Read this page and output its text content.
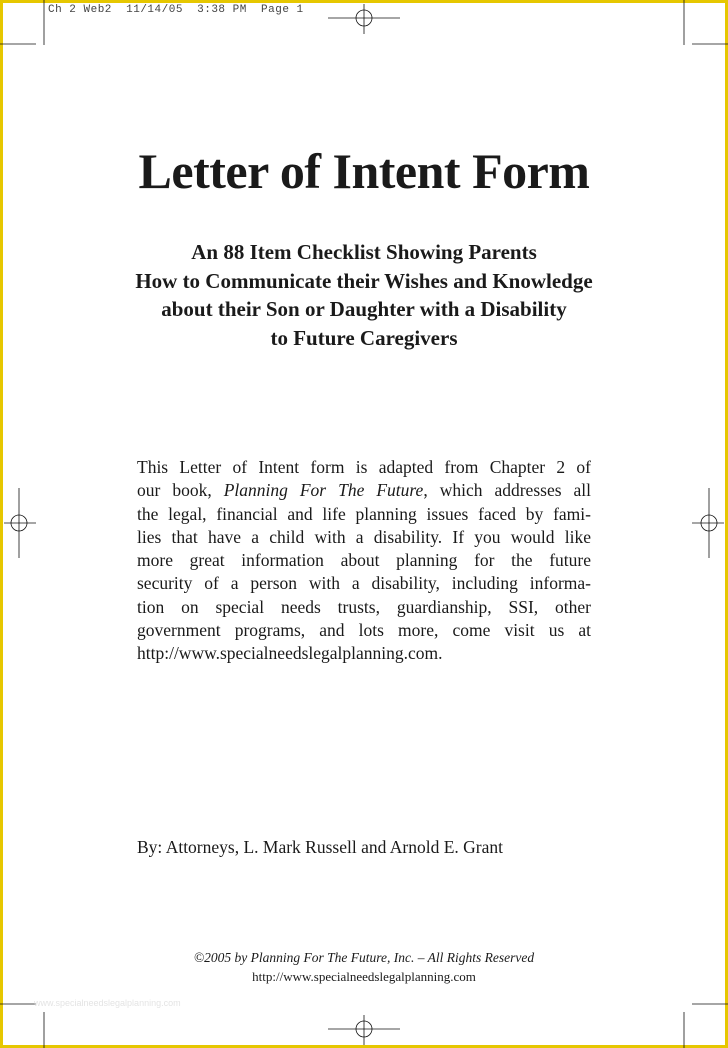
Ch 2 Web2  11/14/05  3:38 PM  Page 1
Letter of Intent Form
An 88 Item Checklist Showing Parents
How to Communicate their Wishes and Knowledge
about their Son or Daughter with a Disability
to Future Caregivers
This Letter of Intent form is adapted from Chapter 2 of
our book, Planning For The Future, which addresses all
the legal, financial and life planning issues faced by fami-
lies that have a child with a disability. If you would like
more great information about planning for the future
security of a person with a disability, including informa-
tion on special needs trusts, guardianship, SSI, other
government programs, and lots more, come visit us at
http://www.specialneedslegalplanning.com.
By: Attorneys, L. Mark Russell and Arnold E. Grant
©2005 by Planning For The Future, Inc. – All Rights Reserved
http://www.specialneedslegalplanning.com
www.specialneedslegalplanning.com
